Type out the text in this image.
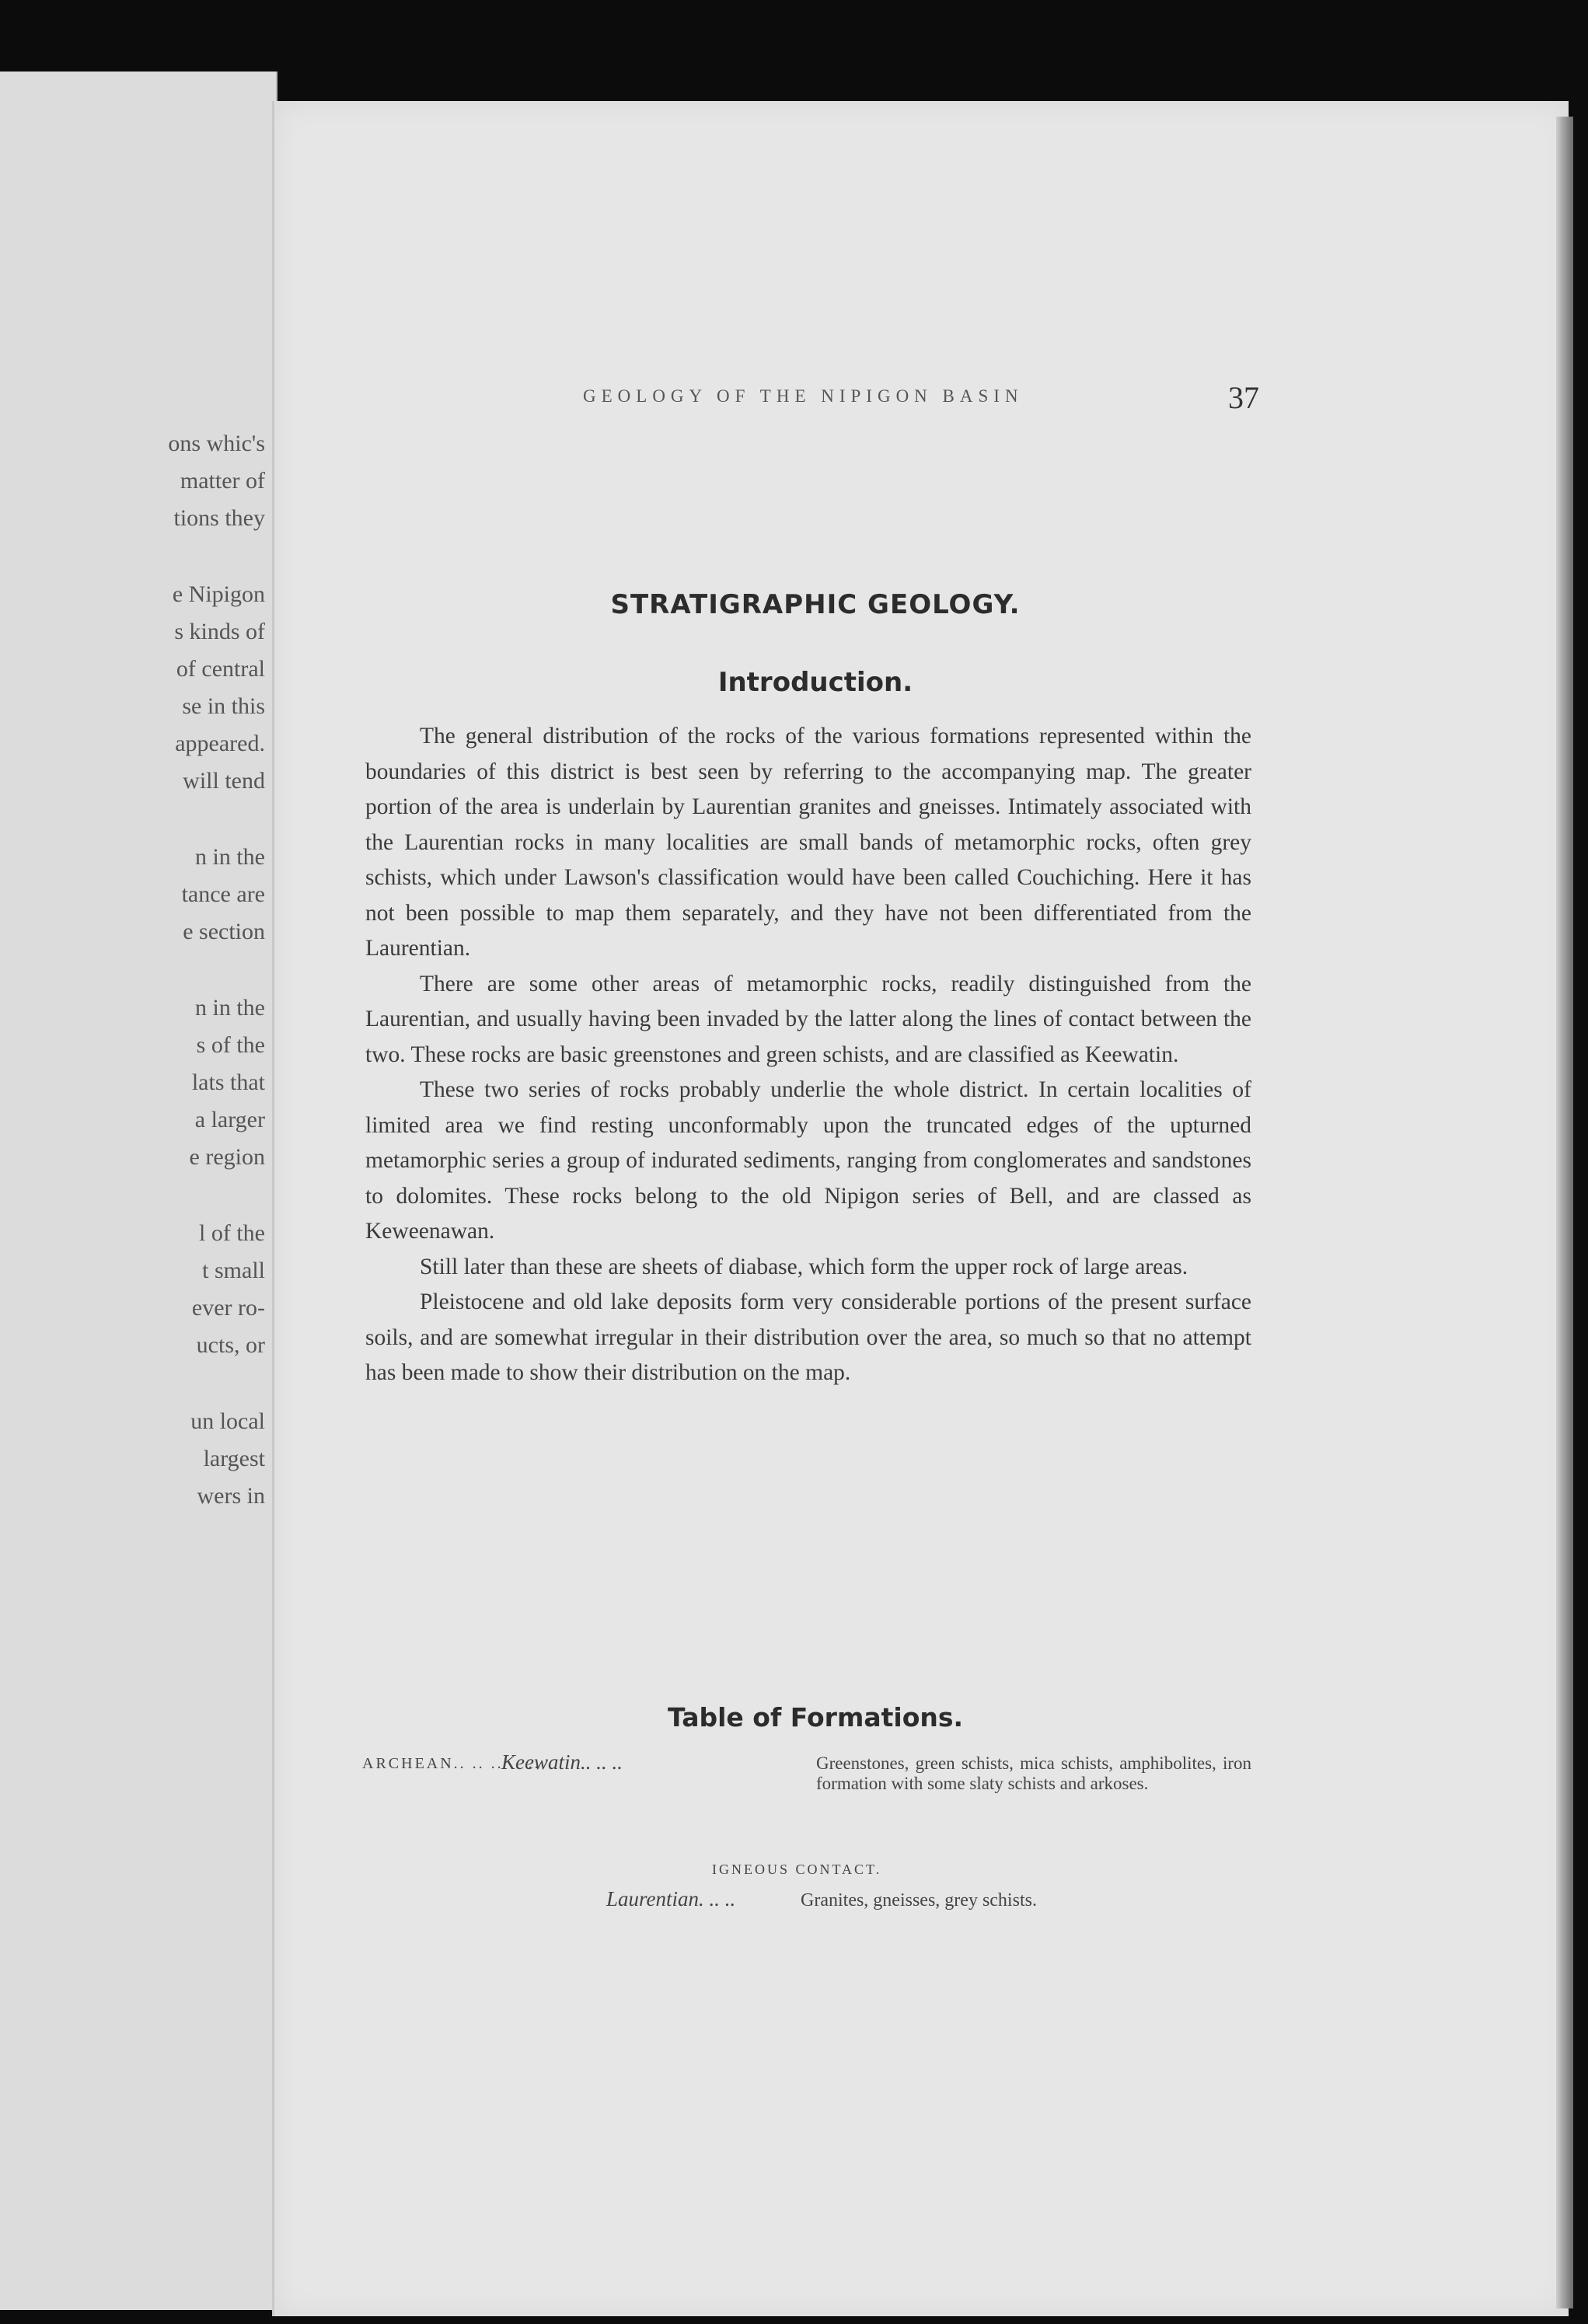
ons whic's
matter of
tions they
e Nipigon
s kinds of
of central
se in this
appeared.
will tend
n in the
tance are
e section
n in the
s of the
lats that
a larger
e region
l of the
t small
ever ro-
ucts, or
un local
largest
wers in
GEOLOGY OF THE NIPIGON BASIN	37
STRATIGRAPHIC GEOLOGY.
Introduction.

The general distribution of the rocks of the various formations represented within the boundaries of this district is best seen by referring to the accompanying map. The greater portion of the area is underlain by Laurentian granites and gneisses. Intimately associated with the Laurentian rocks in many localities are small bands of metamorphic rocks, often grey schists, which under Lawson's classification would have been called Couchiching. Here it has not been possible to map them separately, and they have not been differentiated from the Laurentian.

There are some other areas of metamorphic rocks, readily distinguished from the Laurentian, and usually having been invaded by the latter along the lines of contact between the two. These rocks are basic greenstones and green schists, and are classified as Keewatin.

These two series of rocks probably underlie the whole district. In certain localities of limited area we find resting unconformably upon the truncated edges of the upturned metamorphic series a group of indurated sediments, ranging from conglomerates and sandstones to dolomites. These rocks belong to the old Nipigon series of Bell, and are classed as Keweenawan.

Still later than these are sheets of diabase, which form the upper rock of large areas.

Pleistocene and old lake deposits form very considerable portions of the present surface soils, and are somewhat irregular in their distribution over the area, so much so that no attempt has been made to show their distribution on the map.

Table of Formations.
ARCHEAN.. .. .. .. ..
Keewatin.. .. ..	Greenstones, green schists, mica schists, amphibolites, iron formation with some slaty schists and arkoses.
IGNEOUS CONTACT.
Laurentian. .. ..	Granites, gneisses, grey schists.
